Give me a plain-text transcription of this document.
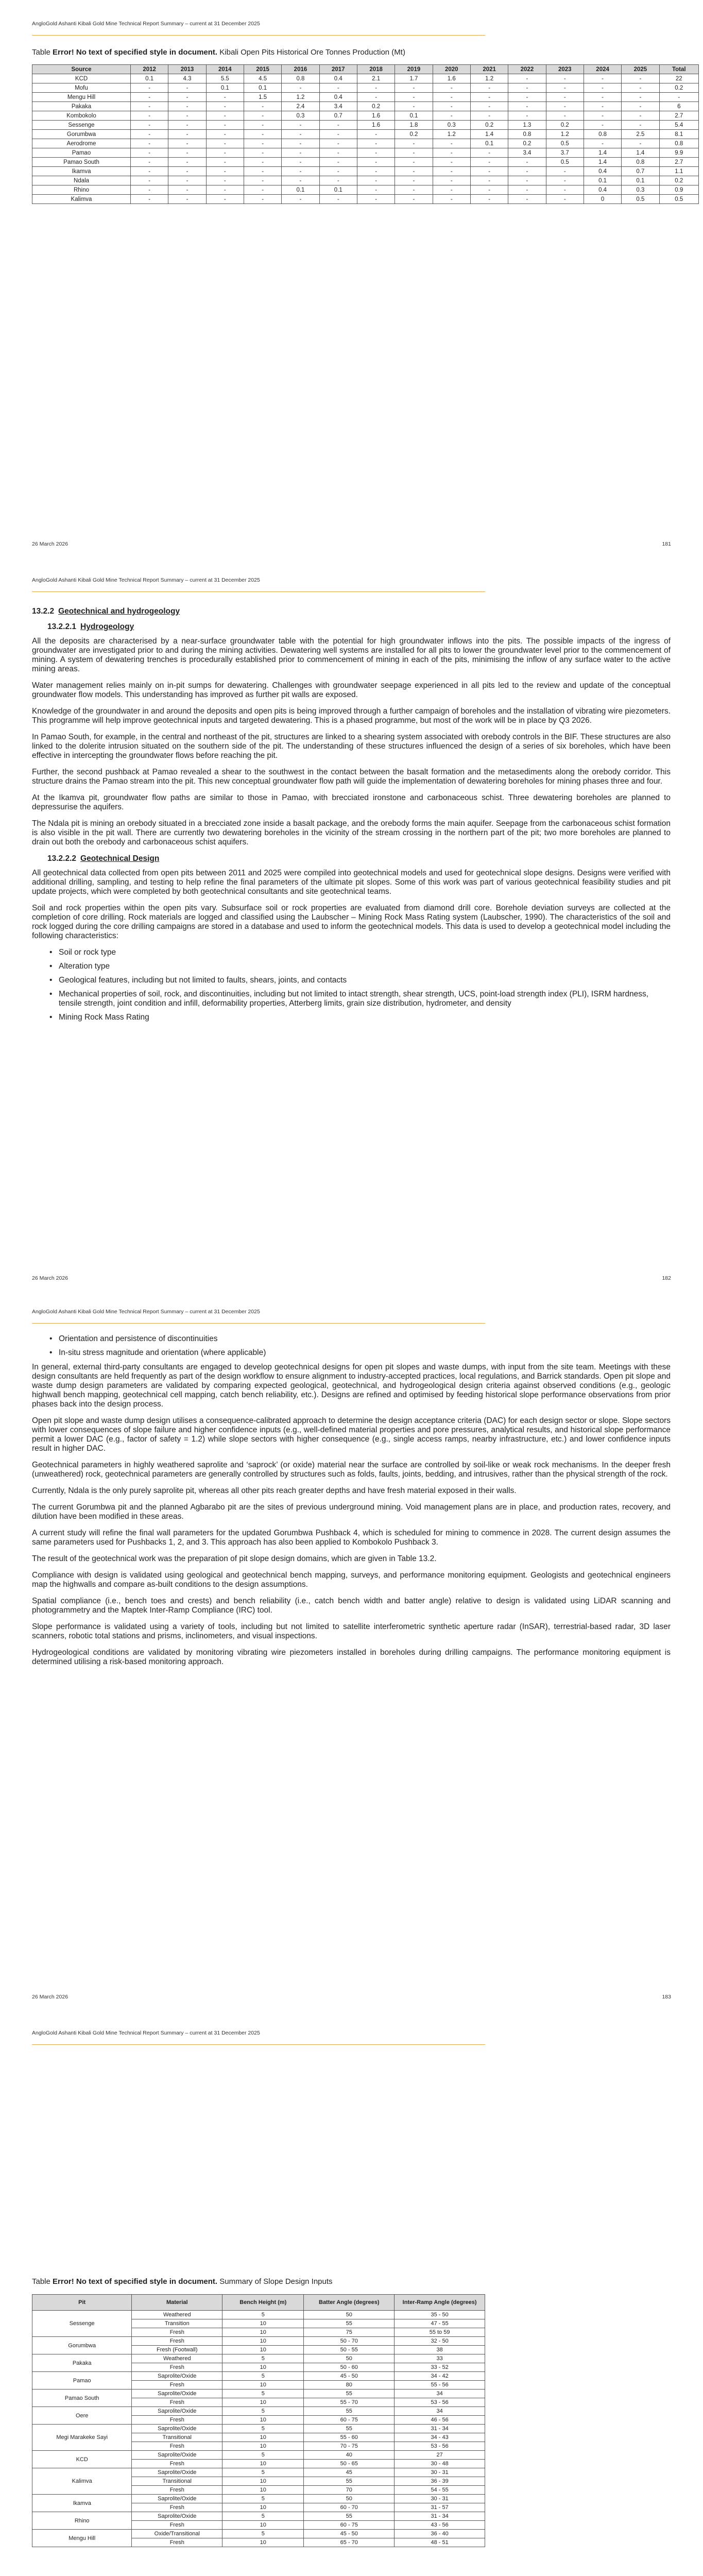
AngloGold Ashanti Kibali Gold Mine Technical Report Summary – current at 31 December 2025
Table Error! No text of specified style in document. Kibali Open Pits Historical Ore Tonnes Production (Mt)
Source	2012	2013	2014	2015	2016	2017	2018	2019	2020	2021	2022	2023	2024	2025	Total
KCD	0.1	4.3	5.5	4.5	0.8	0.4	2.1	1.7	1.6	1.2	-	-	-	-	22
Mofu	-	-	0.1	0.1	-	-	-	-	-	-	-	-	-	-	0.2
Mengu Hill	-	-	-	1.5	1.2	0.4	-	-	-	-	-	-	-	-	-
Pakaka	-	-	-	-	2.4	3.4	0.2	-	-	-	-	-	-	-	6
Kombokolo	-	-	-	-	0.3	0.7	1.6	0.1	-	-	-	-	-	-	2.7
Sessenge	-	-	-	-	-	-	1.6	1.8	0.3	0.2	1.3	0.2	-	-	5.4
Gorumbwa	-	-	-	-	-	-	-	0.2	1.2	1.4	0.8	1.2	0.8	2.5	8.1
Aerodrome	-	-	-	-	-	-	-	-	-	0.1	0.2	0.5	-	-	0.8
Pamao	-	-	-	-	-	-	-	-	-	-	3.4	3.7	1.4	1.4	9.9
Pamao South	-	-	-	-	-	-	-	-	-	-	-	0.5	1.4	0.8	2.7
Ikamva	-	-	-	-	-	-	-	-	-	-	-	-	0.4	0.7	1.1
Ndala	-	-	-	-	-	-	-	-	-	-	-	-	0.1	0.1	0.2
Rhino	-	-	-	-	0.1	0.1	-	-	-	-	-	-	0.4	0.3	0.9
Kalimva	-	-	-	-	-	-	-	-	-	-	-	-	0	0.5	0.5
26 March 2026	181
AngloGold Ashanti Kibali Gold Mine Technical Report Summary – current at 31 December 2025
13.2.2 Geotechnical and hydrogeology
13.2.2.1 Hydrogeology

All the deposits are characterised by a near-surface groundwater table with the potential for high groundwater inflows into the pits. The possible impacts of the ingress of groundwater are investigated prior to and during the mining activities. Dewatering well systems are installed for all pits to lower the groundwater level prior to the commencement of mining. A system of dewatering trenches is procedurally established prior to commencement of mining in each of the pits, minimising the inflow of any surface water to the active mining areas.

Water management relies mainly on in-pit sumps for dewatering. Challenges with groundwater seepage experienced in all pits led to the review and update of the conceptual groundwater flow models. This understanding has improved as further pit walls are exposed.

Knowledge of the groundwater in and around the deposits and open pits is being improved through a further campaign of boreholes and the installation of vibrating wire piezometers. This programme will help improve geotechnical inputs and targeted dewatering. This is a phased programme, but most of the work will be in place by Q3 2026.

In Pamao South, for example, in the central and northeast of the pit, structures are linked to a shearing system associated with orebody controls in the BIF. These structures are also linked to the dolerite intrusion situated on the southern side of the pit. The understanding of these structures influenced the design of a series of six boreholes, which have been effective in intercepting the groundwater flows before reaching the pit.

Further, the second pushback at Pamao revealed a shear to the southwest in the contact between the basalt formation and the metasediments along the orebody corridor. This structure drains the Pamao stream into the pit. This new conceptual groundwater flow path will guide the implementation of dewatering boreholes for mining phases three and four.

At the Ikamva pit, groundwater flow paths are similar to those in Pamao, with brecciated ironstone and carbonaceous schist. Three dewatering boreholes are planned to depressurise the aquifers.

The Ndala pit is mining an orebody situated in a brecciated zone inside a basalt package, and the orebody forms the main aquifer. Seepage from the carbonaceous schist formation is also visible in the pit wall. There are currently two dewatering boreholes in the vicinity of the stream crossing in the northern part of the pit; two more boreholes are planned to drain out both the orebody and carbonaceous schist aquifers.

13.2.2.2 Geotechnical Design

All geotechnical data collected from open pits between 2011 and 2025 were compiled into geotechnical models and used for geotechnical slope designs. Designs were verified with additional drilling, sampling, and testing to help refine the final parameters of the ultimate pit slopes. Some of this work was part of various geotechnical feasibility studies and pit update projects, which were completed by both geotechnical consultants and site geotechnical teams.

Soil and rock properties within the open pits vary. Subsurface soil or rock properties are evaluated from diamond drill core. Borehole deviation surveys are collected at the completion of core drilling. Rock materials are logged and classified using the Laubscher – Mining Rock Mass Rating system (Laubscher, 1990). The characteristics of the soil and rock logged during the core drilling campaigns are stored in a database and used to inform the geotechnical models. This data is used to develop a geotechnical model including the following characteristics:

• Soil or rock type
• Alteration type
• Geological features, including but not limited to faults, shears, joints, and contacts
• Mechanical properties of soil, rock, and discontinuities, including but not limited to intact strength, shear strength, UCS, point-load strength index (PLI), ISRM hardness, tensile strength, joint condition and infill, deformability properties, Atterberg limits, grain size distribution, hydrometer, and density
• Mining Rock Mass Rating
26 March 2026	182
AngloGold Ashanti Kibali Gold Mine Technical Report Summary – current at 31 December 2025
• Orientation and persistence of discontinuities
• In-situ stress magnitude and orientation (where applicable)

In general, external third-party consultants are engaged to develop geotechnical designs for open pit slopes and waste dumps, with input from the site team. Meetings with these design consultants are held frequently as part of the design workflow to ensure alignment to industry-accepted practices, local regulations, and Barrick standards. Open pit slope and waste dump design parameters are validated by comparing expected geological, geotechnical, and hydrogeological design criteria against observed conditions (e.g., geologic highwall bench mapping, geotechnical cell mapping, catch bench reliability, etc.). Designs are refined and optimised by feeding historical slope performance observations from prior phases back into the design process.

Open pit slope and waste dump design utilises a consequence-calibrated approach to determine the design acceptance criteria (DAC) for each design sector or slope. Slope sectors with lower consequences of slope failure and higher confidence inputs (e.g., well-defined material properties and pore pressures, analytical results, and historical slope performance permit a lower DAC (e.g., factor of safety = 1.2) while slope sectors with higher consequence (e.g., single access ramps, nearby infrastructure, etc.) and lower confidence inputs result in higher DAC.

Geotechnical parameters in highly weathered saprolite and ‘saprock’ (or oxide) material near the surface are controlled by soil-like or weak rock mechanisms. In the deeper fresh (unweathered) rock, geotechnical parameters are generally controlled by structures such as folds, faults, joints, bedding, and intrusives, rather than the physical strength of the rock.

Currently, Ndala is the only purely saprolite pit, whereas all other pits reach greater depths and have fresh material exposed in their walls.

The current Gorumbwa pit and the planned Agbarabo pit are the sites of previous underground mining. Void management plans are in place, and production rates, recovery, and dilution have been modified in these areas.

A current study will refine the final wall parameters for the updated Gorumbwa Pushback 4, which is scheduled for mining to commence in 2028. The current design assumes the same parameters used for Pushbacks 1, 2, and 3. This approach has also been applied to Kombokolo Pushback 3.

The result of the geotechnical work was the preparation of pit slope design domains, which are given in Table 13.2.

Compliance with design is validated using geological and geotechnical bench mapping, surveys, and performance monitoring equipment. Geologists and geotechnical engineers map the highwalls and compare as-built conditions to the design assumptions.

Spatial compliance (i.e., bench toes and crests) and bench reliability (i.e., catch bench width and batter angle) relative to design is validated using LiDAR scanning and photogrammetry and the Maptek Inter-Ramp Compliance (IRC) tool.

Slope performance is validated using a variety of tools, including but not limited to satellite interferometric synthetic aperture radar (InSAR), terrestrial-based radar, 3D laser scanners, robotic total stations and prisms, inclinometers, and visual inspections.

Hydrogeological conditions are validated by monitoring vibrating wire piezometers installed in boreholes during drilling campaigns. The performance monitoring equipment is determined utilising a risk-based monitoring approach.

26 March 2026	183
AngloGold Ashanti Kibali Gold Mine Technical Report Summary – current at 31 December 2025
Table Error! No text of specified style in document. Summary of Slope Design Inputs
Pit	Material	Bench Height (m)	Batter Angle (degrees)	Inter-Ramp Angle (degrees)
Sessenge	Weathered	5	50	35 - 50
	Transition	10	55	47 - 55
	Fresh	10	75	55 to 59
Gorumbwa	Fresh	10	50 - 70	32 - 50
	Fresh (Footwall)	10	50 - 55	38
Pakaka	Weathered	5	50	33
	Fresh	10	50 - 60	33 - 52
Pamao	Saprolite/Oxide	5	45 - 50	34 - 42
	Fresh	10	80	55 - 56
Pamao South	Saprolite/Oxide	5	55	34
	Fresh	10	55 - 70	53 - 56
Oere	Saprolite/Oxide	5	55	34
	Fresh	10	60 - 75	46 - 56
Megi Marakeke Sayi	Saprolite/Oxide	5	55	31 - 34
	Transitional	10	55 - 60	34 - 43
	Fresh	10	70 - 75	53 - 56
KCD	Saprolite/Oxide	5	40	27
	Fresh	10	50 - 65	30 - 48
Kalimva	Saprolite/Oxide	5	45	30 - 31
	Transitional	10	55	36 - 39
	Fresh	10	70	54 - 55
Ikamva	Saprolite/Oxide	5	50	30 - 31
	Fresh	10	60 - 70	31 - 57
Rhino	Saprolite/Oxide	5	55	31 - 34
	Fresh	10	60 - 75	43 - 56
Mengu Hill	Oxide/Transitional	5	45 - 50	36 - 40
	Fresh	10	65 - 70	48 - 51
